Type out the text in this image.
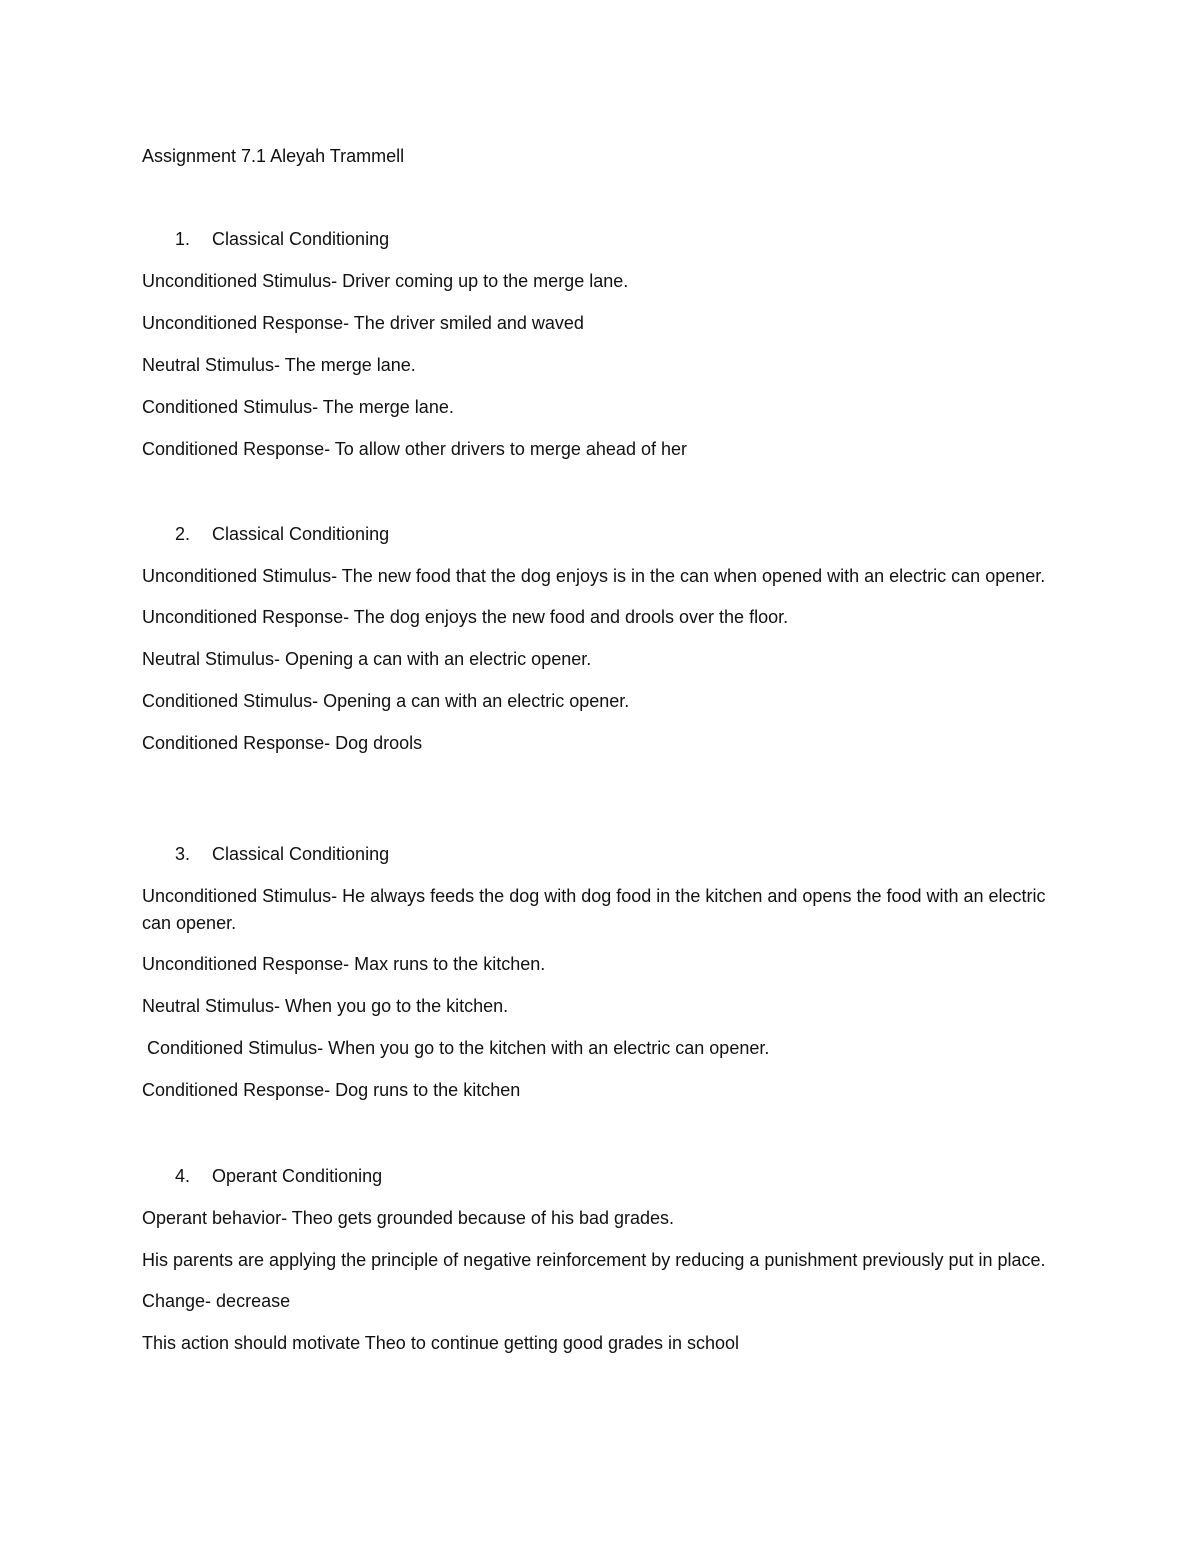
Assignment 7.1 Aleyah Trammell
1.	Classical Conditioning
Unconditioned Stimulus- Driver coming up to the merge lane.
Unconditioned Response- The driver smiled and waved
Neutral Stimulus- The merge lane.
Conditioned Stimulus- The merge lane.
Conditioned Response- To allow other drivers to merge ahead of her
2.	Classical Conditioning
Unconditioned Stimulus- The new food that the dog enjoys is in the can when opened with an electric can opener.
Unconditioned Response- The dog enjoys the new food and drools over the floor.
Neutral Stimulus- Opening a can with an electric opener.
Conditioned Stimulus- Opening a can with an electric opener.
Conditioned Response- Dog drools
3.	Classical Conditioning
Unconditioned Stimulus- He always feeds the dog with dog food in the kitchen and opens the food with an electric can opener.
Unconditioned Response- Max runs to the kitchen.
Neutral Stimulus- When you go to the kitchen.
Conditioned Stimulus- When you go to the kitchen with an electric can opener.
Conditioned Response- Dog runs to the kitchen
4.	Operant Conditioning
Operant behavior- Theo gets grounded because of his bad grades.
His parents are applying the principle of negative reinforcement by reducing a punishment previously put in place.
Change- decrease
This action should motivate Theo to continue getting good grades in school
